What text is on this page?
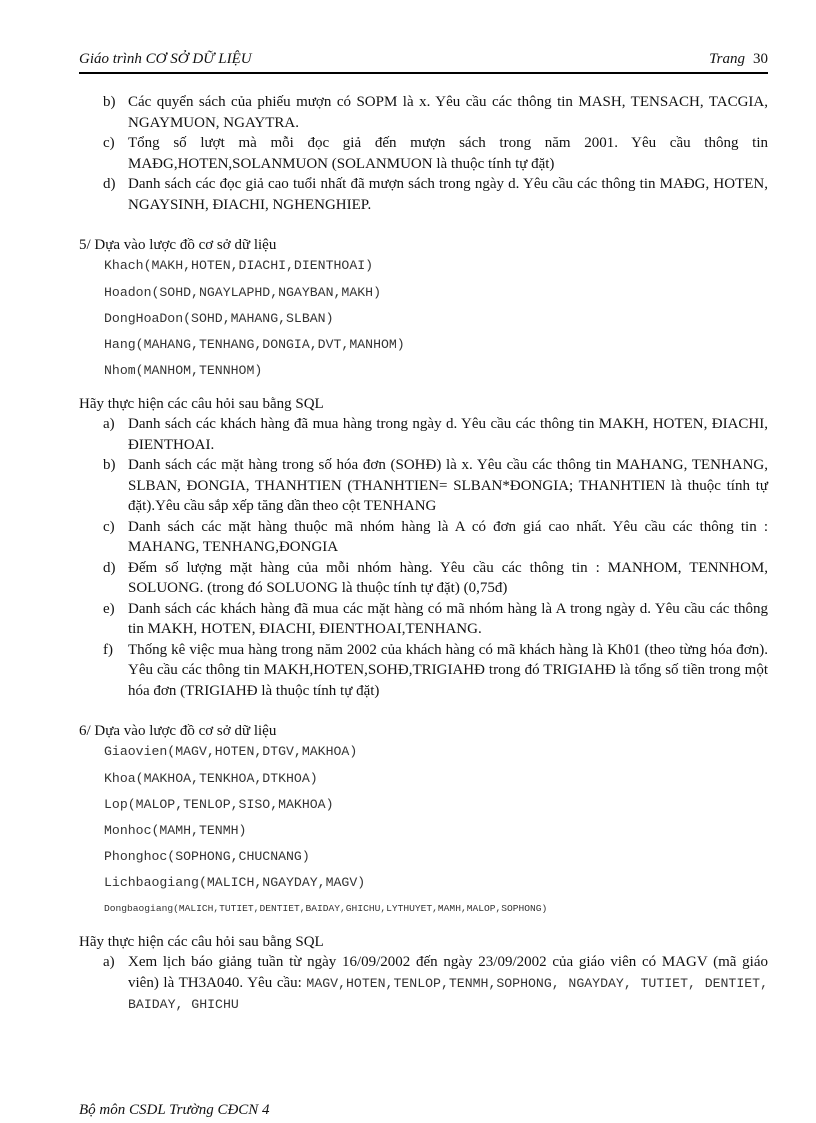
Giáo trình CƠ SỞ DỮ LIỆU	Trang 30
b) Các quyển sách của phiếu mượn có SOPM là x. Yêu cầu các thông tin MASH, TENSACH, TACGIA, NGAYMUON, NGAYTRA.
c) Tổng số lượt mà mỗi đọc giả đến mượn sách trong năm 2001. Yêu cầu thông tin MAĐG,HOTEN,SOLANMUON (SOLANMUON là thuộc tính tự đặt)
d) Danh sách các đọc giả cao tuổi nhất đã mượn sách trong ngày d. Yêu cầu các thông tin MAĐG, HOTEN, NGAYSINH, ĐIACHI, NGHENGHIEP.
5/ Dựa vào lược đồ cơ sở dữ liệu
Khach(MAKH,HOTEN,DIACHI,DIENTHOAI)
Hoadon(SOHD,NGAYLAPHD,NGAYBAN,MAKH)
DongHoaDon(SOHD,MAHANG,SLBAN)
Hang(MAHANG,TENHANG,DONGIA,DVT,MANHOM)
Nhom(MANHOM,TENNHOM)
Hãy thực hiện các câu hỏi sau bằng SQL
a) Danh sách các khách hàng đã mua hàng trong ngày d. Yêu cầu các thông tin MAKH, HOTEN, ĐIACHI, ĐIENTHOAI.
b) Danh sách các mặt hàng trong số hóa đơn (SOHĐ) là x. Yêu cầu các thông tin MAHANG, TENHANG, SLBAN, ĐONGIA, THANHTIEN (THANHTIEN= SLBAN*ĐONGIA; THANHTIEN là thuộc tính tự đặt).Yêu cầu sắp xếp tăng dần theo cột TENHANG
c) Danh sách các mặt hàng thuộc mã nhóm hàng là A có đơn giá cao nhất. Yêu cầu các thông tin : MAHANG, TENHANG,ĐONGIA
d) Đếm số lượng mặt hàng của mỗi nhóm hàng. Yêu cầu các thông tin : MANHOM, TENNHOM, SOLUONG. (trong đó SOLUONG là thuộc tính tự đặt) (0,75đ)
e) Danh sách các khách hàng đã mua các mặt hàng có mã nhóm hàng là A trong ngày d. Yêu cầu các thông tin MAKH, HOTEN, ĐIACHI, ĐIENTHOAI,TENHANG.
f) Thống kê việc mua hàng trong năm 2002 của khách hàng có mã khách hàng là Kh01 (theo từng hóa đơn). Yêu cầu các thông tin MAKH,HOTEN,SOHĐ,TRIGIAHĐ trong đó TRIGIAHĐ là tổng số tiền trong một hóa đơn (TRIGIAHĐ là thuộc tính tự đặt)
6/ Dựa vào lược đồ cơ sở dữ liệu
Giaovien(MAGV,HOTEN,DTGV,MAKHOA)
Khoa(MAKHOA,TENKHOA,DTKHOA)
Lop(MALOP,TENLOP,SISO,MAKHOA)
Monhoc(MAMH,TENMH)
Phonghoc(SOPHONG,CHUCNANG)
Lichbaogiang(MALICH,NGAYDAY,MAGV)
Dongbaogiang(MALICH,TUTIET,DENTIET,BAIDAY,GHICHU,LYTHUYET,MAMH,MALOP,SOPHONG)
Hãy thực hiện các câu hỏi sau bằng SQL
a) Xem lịch báo giảng tuần từ ngày 16/09/2002 đến ngày 23/09/2002 của giáo viên có MAGV (mã giáo viên) là TH3A040. Yêu cầu: MAGV,HOTEN,TENLOP,TENMH,SOPHONG, NGAYDAY, TUTIET, DENTIET, BAIDAY, GHICHU
Bộ môn CSDL Trường CĐCN 4
